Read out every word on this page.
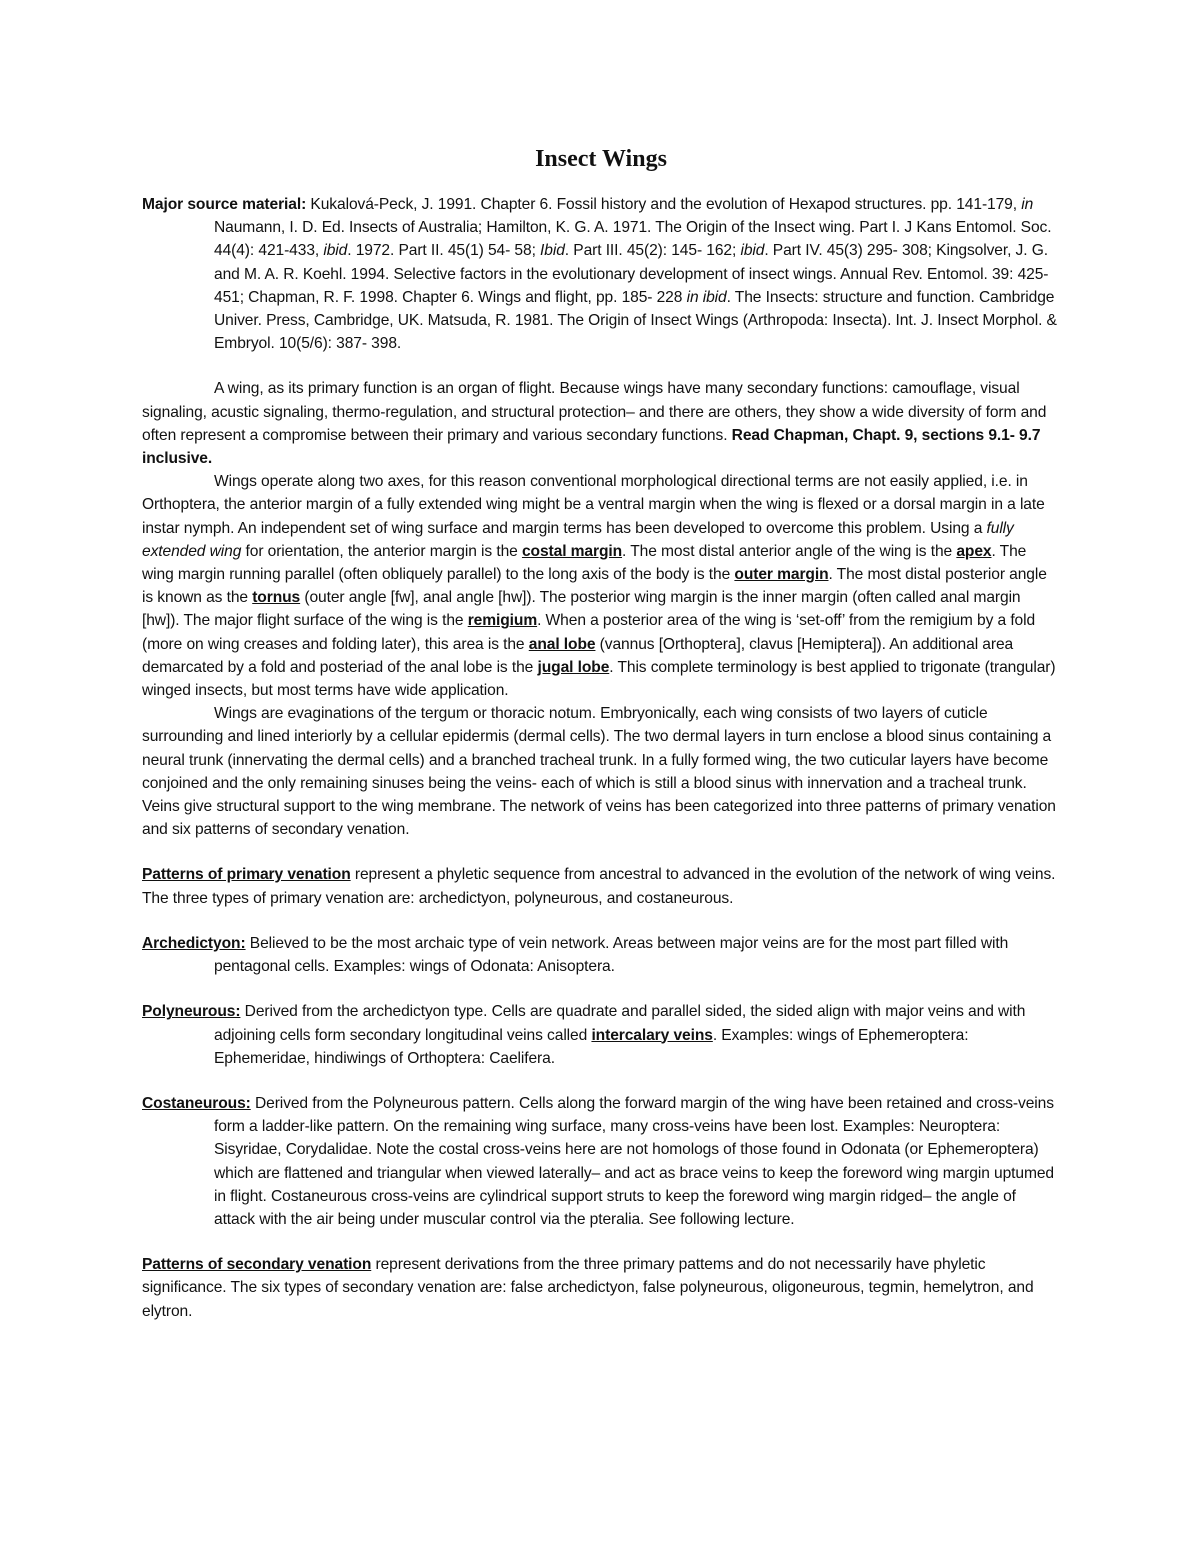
Insect Wings

Major source material: Kukalová-Peck, J. 1991. Chapter 6. Fossil history and the evolution of Hexapod structures. pp. 141-179, in Naumann, I. D. Ed. Insects of Australia; Hamilton, K. G. A. 1971. The Origin of the Insect wing. Part I. J Kans Entomol. Soc. 44(4): 421-433, ibid. 1972. Part II. 45(1) 54- 58; Ibid. Part III. 45(2): 145- 162; ibid. Part IV. 45(3) 295- 308; Kingsolver, J. G. and M. A. R. Koehl. 1994. Selective factors in the evolutionary development of insect wings. Annual Rev. Entomol. 39: 425-451; Chapman, R. F. 1998. Chapter 6. Wings and flight, pp. 185- 228 in ibid. The Insects: structure and function. Cambridge Univer. Press, Cambridge, UK. Matsuda, R. 1981. The Origin of Insect Wings (Arthropoda: Insecta). Int. J. Insect Morphol. & Embryol. 10(5/6): 387- 398.

A wing, as its primary function is an organ of flight. Because wings have many secondary functions: camouflage, visual signaling, acustic signaling, thermo-regulation, and structural protection– and there are others, they show a wide diversity of form and often represent a compromise between their primary and various secondary functions. Read Chapman, Chapt. 9, sections 9.1- 9.7 inclusive.

Wings operate along two axes, for this reason conventional morphological directional terms are not easily applied, i.e. in Orthoptera, the anterior margin of a fully extended wing might be a ventral margin when the wing is flexed or a dorsal margin in a late instar nymph. An independent set of wing surface and margin terms has been developed to overcome this problem. Using a fully extended wing for orientation, the anterior margin is the costal margin. The most distal anterior angle of the wing is the apex. The wing margin running parallel (often obliquely parallel) to the long axis of the body is the outer margin. The most distal posterior angle is known as the tornus (outer angle [fw], anal angle [hw]). The posterior wing margin is the inner margin (often called anal margin [hw]). The major flight surface of the wing is the remigium. When a posterior area of the wing is ‘set-off’ from the remigium by a fold (more on wing creases and folding later), this area is the anal lobe (vannus [Orthoptera], clavus [Hemiptera]). An additional area demarcated by a fold and posteriad of the anal lobe is the jugal lobe. This complete terminology is best applied to trigonate (trangular) winged insects, but most terms have wide application.

Wings are evaginations of the tergum or thoracic notum. Embryonically, each wing consists of two layers of cuticle surrounding and lined interiorly by a cellular epidermis (dermal cells). The two dermal layers in turn enclose a blood sinus containing a neural trunk (innervating the dermal cells) and a branched tracheal trunk. In a fully formed wing, the two cuticular layers have become conjoined and the only remaining sinuses being the veins- each of which is still a blood sinus with innervation and a tracheal trunk. Veins give structural support to the wing membrane. The network of veins has been categorized into three patterns of primary venation and six patterns of secondary venation.

Patterns of primary venation represent a phyletic sequence from ancestral to advanced in the evolution of the network of wing veins. The three types of primary venation are: archedictyon, polyneurous, and costaneurous.

Archedictyon: Believed to be the most archaic type of vein network. Areas between major veins are for the most part filled with pentagonal cells. Examples: wings of Odonata: Anisoptera.

Polyneurous: Derived from the archedictyon type. Cells are quadrate and parallel sided, the sided align with major veins and with adjoining cells form secondary longitudinal veins called intercalary veins. Examples: wings of Ephemeroptera: Ephemeridae, hindiwings of Orthoptera: Caelifera.

Costaneurous: Derived from the Polyneurous pattern. Cells along the forward margin of the wing have been retained and cross-veins form a ladder-like pattern. On the remaining wing surface, many cross-veins have been lost. Examples: Neuroptera: Sisyridae, Corydalidae. Note the costal cross-veins here are not homologs of those found in Odonata (or Ephemeroptera) which are flattened and triangular when viewed laterally– and act as brace veins to keep the foreword wing margin uptumed in flight. Costaneurous cross-veins are cylindrical support struts to keep the foreword wing margin ridged– the angle of attack with the air being under muscular control via the pteralia. See following lecture.

Patterns of secondary venation represent derivations from the three primary pattems and do not necessarily have phyletic significance. The six types of secondary venation are: false archedictyon, false polyneurous, oligoneurous, tegmin, hemelytron, and elytron.
